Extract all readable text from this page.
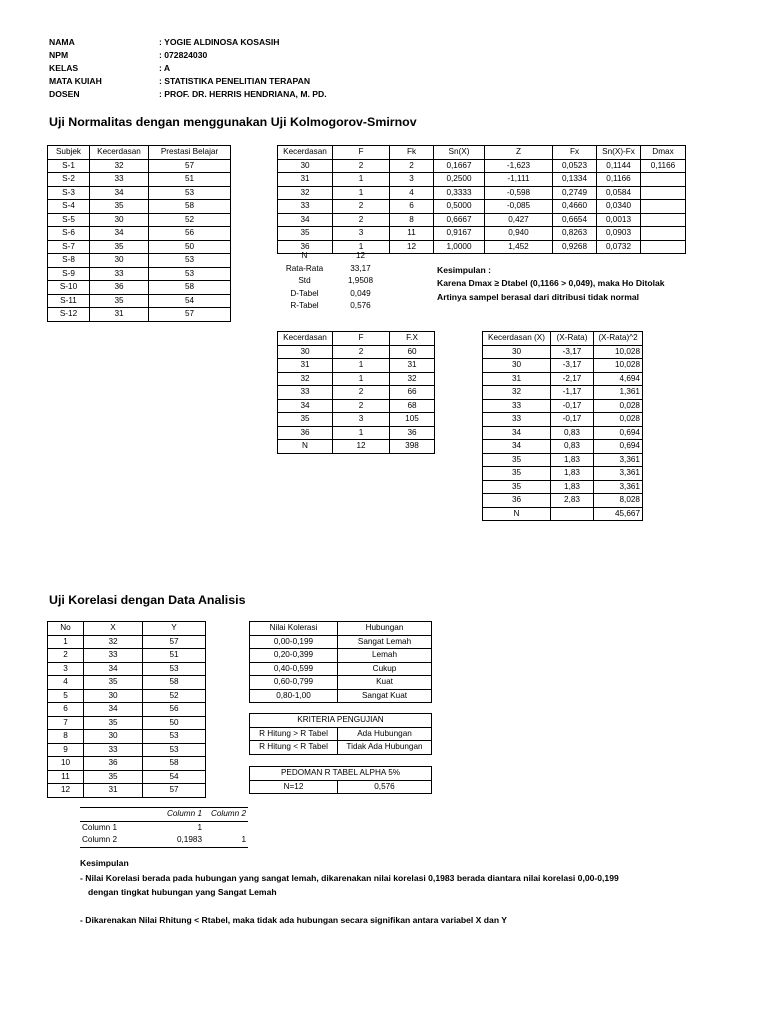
NAMA	: YOGIE ALDINOSA KOSASIH
NPM	: 072824030
KELAS	: A
MATA KUIAH	: STATISTIKA PENELITIAN TERAPAN
DOSEN	: PROF. DR. HERRIS HENDRIANA, M. PD.
Uji Normalitas dengan menggunakan Uji Kolmogorov-Smirnov
Subjek	Kecerdasan	Prestasi Belajar
S-1	32	57
S-2	33	51
S-3	34	53
S-4	35	58
S-5	30	52
S-6	34	56
S-7	35	50
S-8	30	53
S-9	33	53
S-10	36	58
S-11	35	54
S-12	31	57
Kecerdasan	F	Fk	Sn(X)	Z	Fx	Sn(X)-Fx	Dmax
30	2	2	0,1667	-1,623	0,0523	0,1144	0,1166
31	1	3	0,2500	-1,111	0,1334	0,1166	
32	1	4	0,3333	-0,598	0,2749	0,0584	
33	2	6	0,5000	-0,085	0,4660	0,0340	
34	2	8	0,6667	0,427	0,6654	0,0013	
35	3	11	0,9167	0,940	0,8263	0,0903	
36	1	12	1,0000	1,452	0,9268	0,0732	
N	12
Rata-Rata	33,17
Std	1,9508
D-Tabel	0,049
R-Tabel	0,576
Kesimpulan :
Karena Dmax ≥ Dtabel (0,1166 > 0,049), maka Ho Ditolak
Artinya sampel berasal dari ditribusi tidak normal
Kecerdasan	F	F.X
30	2	60
31	1	31
32	1	32
33	2	66
34	2	68
35	3	105
36	1	36
N	12	398
Kecerdasan (X)	(X-Rata)	(X-Rata)^2
30	-3,17	10,028
30	-3,17	10,028
31	-2,17	4,694
32	-1,17	1,361
33	-0,17	0,028
33	-0,17	0,028
34	0,83	0,694
34	0,83	0,694
35	1,83	3,361
35	1,83	3,361
35	1,83	3,361
36	2,83	8,028
N		45,667
Uji Korelasi dengan Data Analisis
No	X	Y
1	32	57
2	33	51
3	34	53
4	35	58
5	30	52
6	34	56
7	35	50
8	30	53
9	33	53
10	36	58
11	35	54
12	31	57
Nilai Kolerasi	Hubungan
0,00-0,199	Sangat Lemah
0,20-0,399	Lemah
0,40-0,599	Cukup
0,60-0,799	Kuat
0,80-1,00	Sangat Kuat
KRITERIA PENGUJIAN	
R Hitung > R Tabel	Ada Hubungan
R Hitung < R Tabel	Tidak Ada Hubungan
PEDOMAN R TABEL ALPHA 5%
N=12	0,576
	Column 1	Column 2
Column 1	1	
Column 2	0,1983	1
Kesimpulan
- Nilai Korelasi berada pada hubungan yang sangat lemah, dikarenakan nilai korelasi 0,1983 berada diantara nilai korelasi 0,00-0,199
dengan tingkat hubungan yang Sangat Lemah
- Dikarenakan Nilai Rhitung < Rtabel, maka tidak ada hubungan secara signifikan antara variabel X dan Y
